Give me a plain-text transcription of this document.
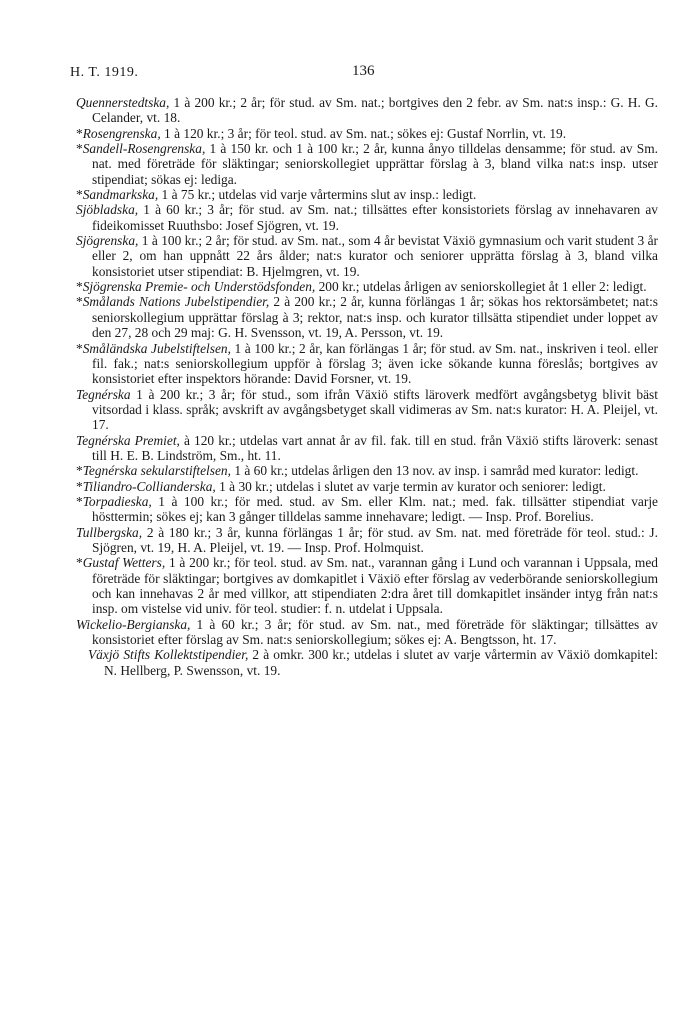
H. T. 1919.	136

Quennerstedtska, 1 à 200 kr.; 2 år; för stud. av Sm. nat.; bortgives den 2 febr. av Sm. nat:s insp.: G. H. G. Celander, vt. 18.

*Rosengrenska, 1 à 120 kr.; 3 år; för teol. stud. av Sm. nat.; sökes ej: Gustaf Norrlin, vt. 19.

*Sandell-Rosengrenska, 1 à 150 kr. och 1 à 100 kr.; 2 år, kunna ånyo tilldelas densamme; för stud. av Sm. nat. med företräde för släktingar; seniorskollegiet upprättar förslag à 3, bland vilka nat:s insp. utser stipendiat; sökas ej: lediga.

*Sandmarkska, 1 à 75 kr.; utdelas vid varje vårtermins slut av insp.: ledigt.

Sjöbladska, 1 à 60 kr.; 3 år; för stud. av Sm. nat.; tillsättes efter konsistoriets förslag av innehavaren av fideikomisset Ruuthsbo: Josef Sjögren, vt. 19.

Sjögrenska, 1 à 100 kr.; 2 år; för stud. av Sm. nat., som 4 år bevistat Växiö gymnasium och varit student 3 år eller 2, om han uppnått 22 års ålder; nat:s kurator och seniorer upprätta förslag à 3, bland vilka konsistoriet utser stipendiat: B. Hjelmgren, vt. 19.

*Sjögrenska Premie- och Understödsfonden, 200 kr.; utdelas årligen av seniorskollegiet åt 1 eller 2: ledigt.

*Smålands Nations Jubelstipendier, 2 à 200 kr.; 2 år, kunna förlängas 1 år; sökas hos rektorsämbetet; nat:s seniorskollegium upprättar förslag à 3; rektor, nat:s insp. och kurator tillsätta stipendiet under loppet av den 27, 28 och 29 maj: G. H. Svensson, vt. 19, A. Persson, vt. 19.

*Småländska Jubelstiftelsen, 1 à 100 kr.; 2 år, kan förlängas 1 år; för stud. av Sm. nat., inskriven i teol. eller fil. fak.; nat:s seniorskollegium uppför à förslag 3; även icke sökande kunna föreslås; bortgives av konsistoriet efter inspektors hörande: David Forsner, vt. 19.

Tegnérska 1 à 200 kr.; 3 år; för stud., som ifrån Växiö stifts läroverk medfört avgångsbetyg blivit bäst vitsordad i klass. språk; avskrift av avgångsbetyget skall vidimeras av Sm. nat:s kurator: H. A. Pleijel, vt. 17.

Tegnérska Premiet, à 120 kr.; utdelas vart annat år av fil. fak. till en stud. från Växiö stifts läroverk: senast till H. E. B. Lindström, Sm., ht. 11.

*Tegnérska sekularstiftelsen, 1 à 60 kr.; utdelas årligen den 13 nov. av insp. i samråd med kurator: ledigt.

*Tiliandro-Collianderska, 1 à 30 kr.; utdelas i slutet av varje termin av kurator och seniorer: ledigt.

*Torpadieska, 1 à 100 kr.; för med. stud. av Sm. eller Klm. nat.; med. fak. tillsätter stipendiat varje hösttermin; sökes ej; kan 3 gånger tilldelas samme innehavare; ledigt. — Insp. Prof. Borelius.

Tullbergska, 2 à 180 kr.; 3 år, kunna förlängas 1 år; för stud. av Sm. nat. med företräde för teol. stud.: J. Sjögren, vt. 19, H. A. Pleijel, vt. 19. — Insp. Prof. Holmquist.

*Gustaf Wetters, 1 à 200 kr.; för teol. stud. av Sm. nat., varannan gång i Lund och varannan i Uppsala, med företräde för släktingar; bortgives av domkapitlet i Växiö efter förslag av vederbörande seniorskollegium och kan innehavas 2 år med villkor, att stipendiaten 2:dra året till domkapitlet insänder intyg från nat:s insp. om vistelse vid univ. för teol. studier: f. n. utdelat i Uppsala.

Wickelio-Bergianska, 1 à 60 kr.; 3 år; för stud. av Sm. nat., med företräde för släktingar; tillsättes av konsistoriet efter förslag av Sm. nat:s seniorskollegium; sökes ej: A. Bengtsson, ht. 17.

Växjö Stifts Kollektstipendier, 2 à omkr. 300 kr.; utdelas i slutet av varje vårtermin av Växiö domkapitel: N. Hellberg, P. Swensson, vt. 19.
